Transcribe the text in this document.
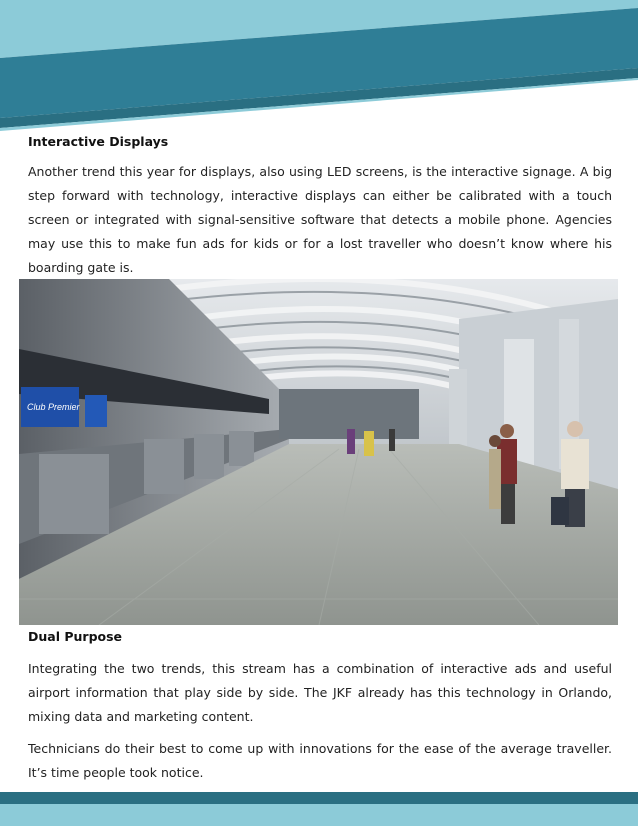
Interactive Displays

Another trend this year for displays, also using LED screens, is the interactive signage. A big step forward with technology, interactive displays can either be calibrated with a touch screen or integrated with signal-sensitive software that detects a mobile phone. Agencies may use this to make fun ads for kids or for a lost traveller who doesn’t know where his boarding gate is.

Club Premier
Dual Purpose

Integrating the two trends, this stream has a combination of interactive ads and useful airport information that play side by side. The JKF already has this technology in Orlando, mixing data and marketing content.

Technicians do their best to come up with innovations for the ease of the average traveller. It’s time people took notice.
